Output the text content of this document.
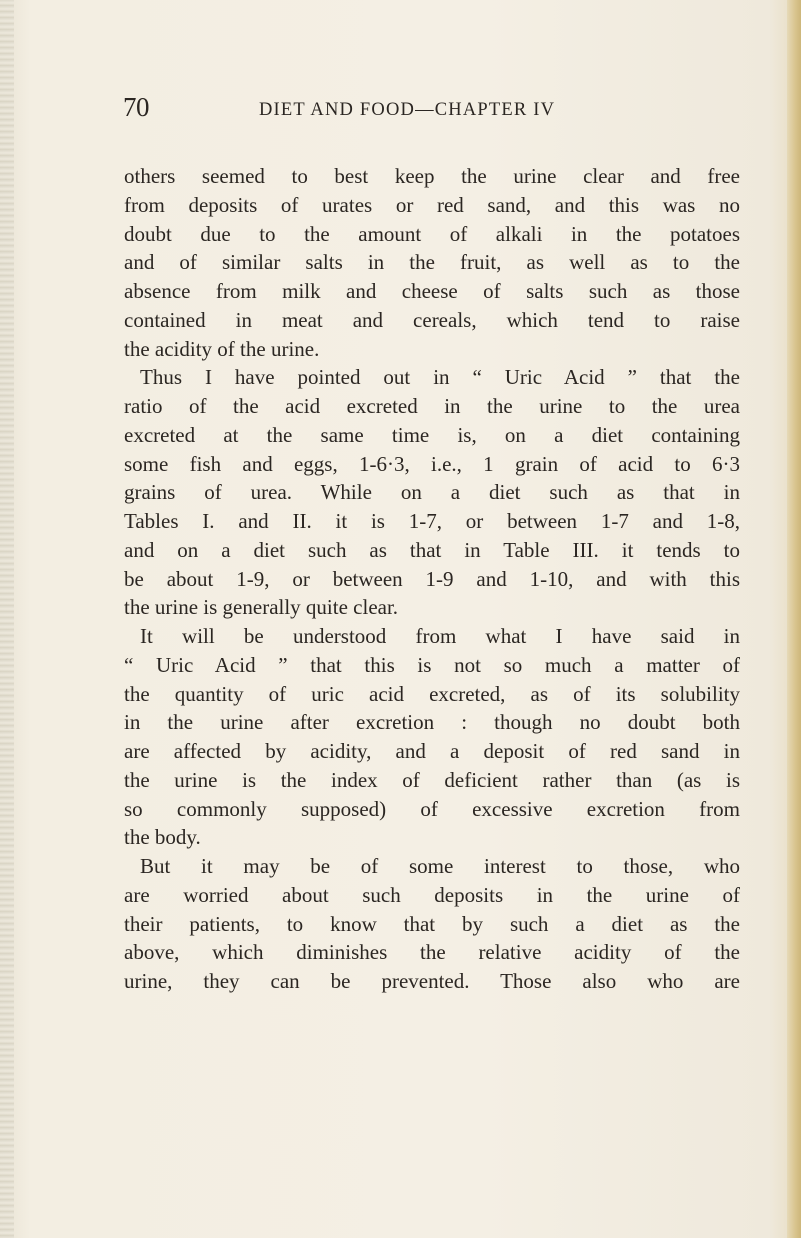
70	DIET AND FOOD—CHAPTER IV
others seemed to best keep the urine clear and free
from deposits of urates or red sand, and this was no
doubt due to the amount of alkali in the potatoes
and of similar salts in the fruit, as well as to the
absence from milk and cheese of salts such as those
contained in meat and cereals, which tend to raise
the acidity of the urine.
Thus I have pointed out in “ Uric Acid ” that the
ratio of the acid excreted in the urine to the urea
excreted at the same time is, on a diet containing
some fish and eggs, 1-6·3, i.e., 1 grain of acid to 6·3
grains of urea. While on a diet such as that in
Tables I. and II. it is 1-7, or between 1-7 and 1-8,
and on a diet such as that in Table III. it tends to
be about 1-9, or between 1-9 and 1-10, and with this
the urine is generally quite clear.
It will be understood from what I have said in
“ Uric Acid ” that this is not so much a matter of
the quantity of uric acid excreted, as of its solubility
in the urine after excretion : though no doubt both
are affected by acidity, and a deposit of red sand in
the urine is the index of deficient rather than (as is
so commonly supposed) of excessive excretion from
the body.
But it may be of some interest to those, who
are worried about such deposits in the urine of
their patients, to know that by such a diet as the
above, which diminishes the relative acidity of the
urine, they can be prevented. Those also who are
